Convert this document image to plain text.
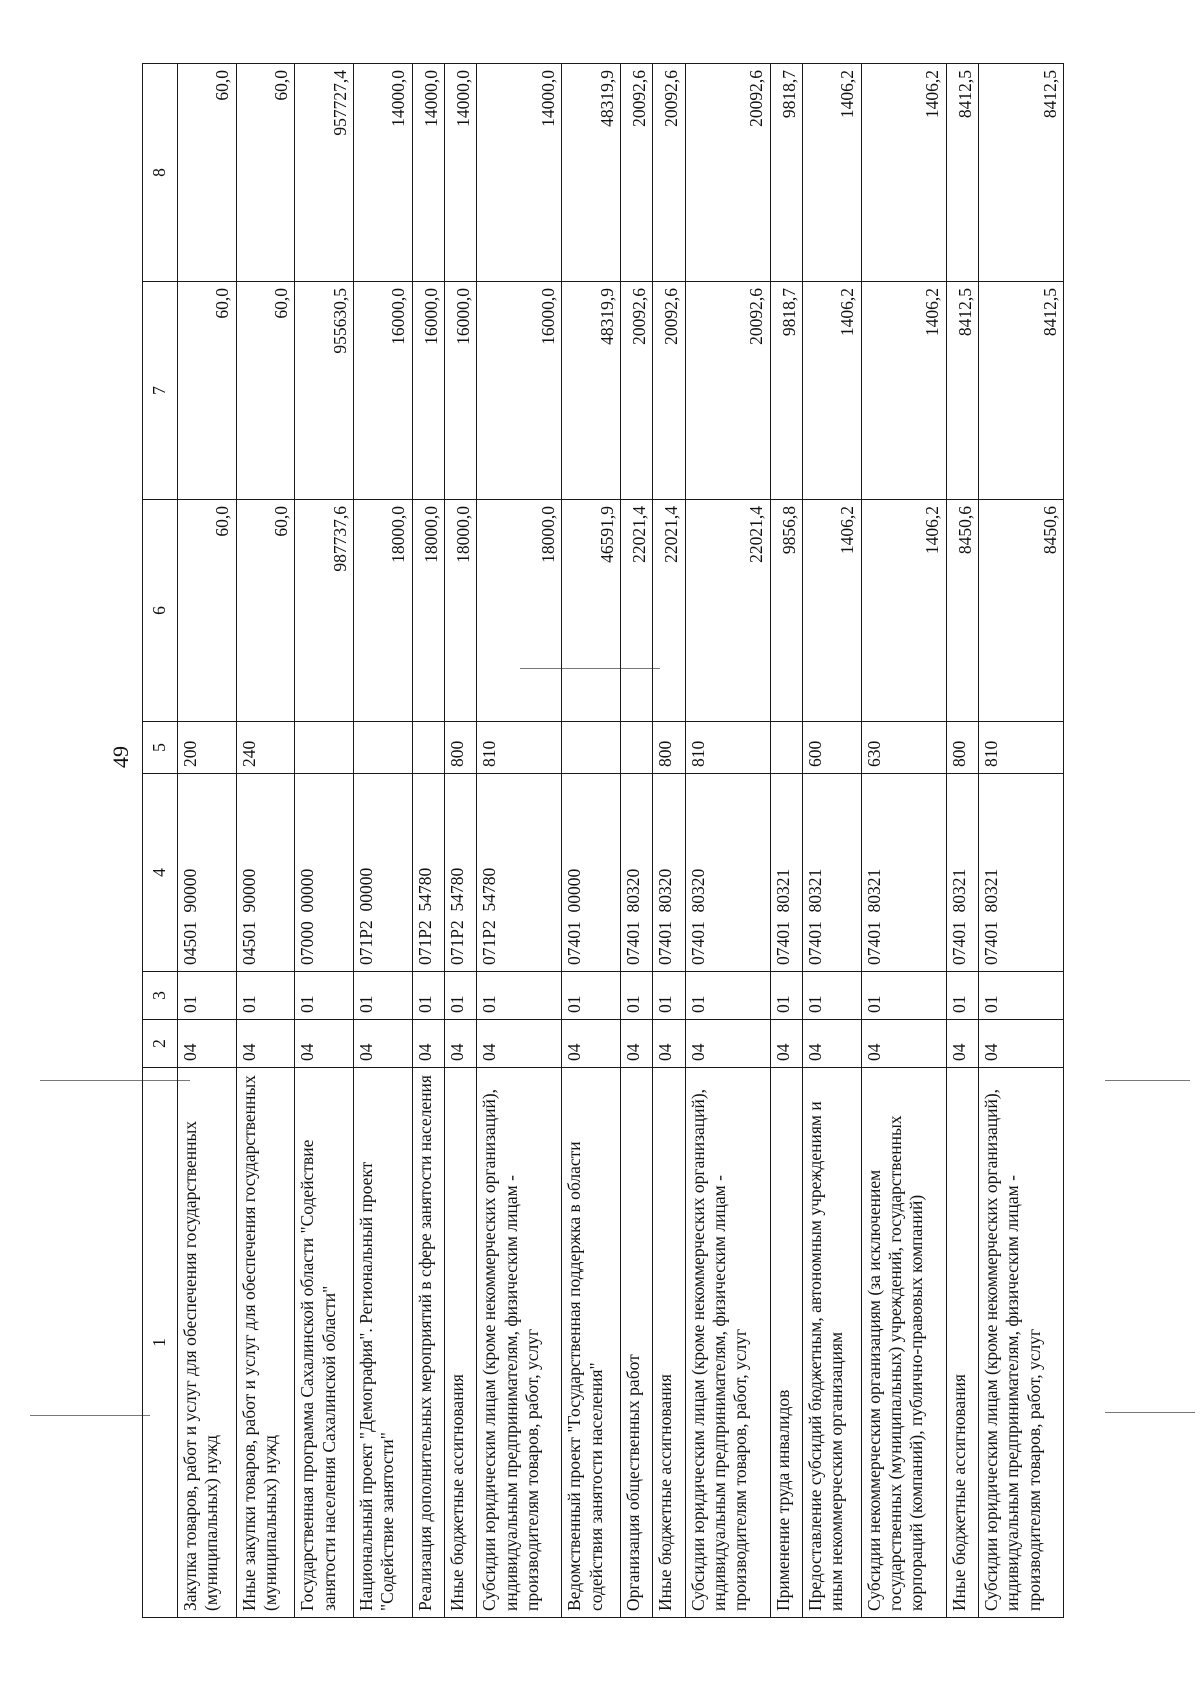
49
1	2	3	4	5	6	7	8
Закупка товаров, работ и услуг для обеспечения государственных (муниципальных) нужд	04	01	04501  90000	200	60,0	60,0	60,0
Иные закупки товаров, работ и услуг для обеспечения государственных (муниципальных) нужд	04	01	04501  90000	240	60,0	60,0	60,0
Государственная программа Сахалинской области "Содействие занятости населения Сахалинской области"	04	01	07000  00000		987737,6	955630,5	957727,4
Национальный проект "Демография". Региональный проект "Содействие занятости"	04	01	071P2  00000		18000,0	16000,0	14000,0
Реализация дополнительных мероприятий в сфере занятости населения	04	01	071P2  54780		18000,0	16000,0	14000,0
Иные бюджетные ассигнования	04	01	071P2  54780	800	18000,0	16000,0	14000,0
Субсидии юридическим лицам (кроме некоммерческих организаций), индивидуальным предпринимателям, физическим лицам - производителям товаров, работ, услуг	04	01	071P2  54780	810	18000,0	16000,0	14000,0
Ведомственный проект "Государственная поддержка в области содействия занятости населения"	04	01	07401  00000		46591,9	48319,9	48319,9
Организация общественных работ	04	01	07401  80320		22021,4	20092,6	20092,6
Иные бюджетные ассигнования	04	01	07401  80320	800	22021,4	20092,6	20092,6
Субсидии юридическим лицам (кроме некоммерческих организаций), индивидуальным предпринимателям, физическим лицам - производителям товаров, работ, услуг	04	01	07401  80320	810	22021,4	20092,6	20092,6
Применение труда инвалидов	04	01	07401  80321		9856,8	9818,7	9818,7
Предоставление субсидий бюджетным, автономным учреждениям и иным некоммерческим организациям	04	01	07401  80321	600	1406,2	1406,2	1406,2
Субсидии некоммерческим организациям (за исключением государственных (муниципальных) учреждений, государственных корпораций (компаний), публично-правовых компаний)	04	01	07401  80321	630	1406,2	1406,2	1406,2
Иные бюджетные ассигнования	04	01	07401  80321	800	8450,6	8412,5	8412,5
Субсидии юридическим лицам (кроме некоммерческих организаций), индивидуальным предпринимателям, физическим лицам - производителям товаров, работ, услуг	04	01	07401  80321	810	8450,6	8412,5	8412,5
